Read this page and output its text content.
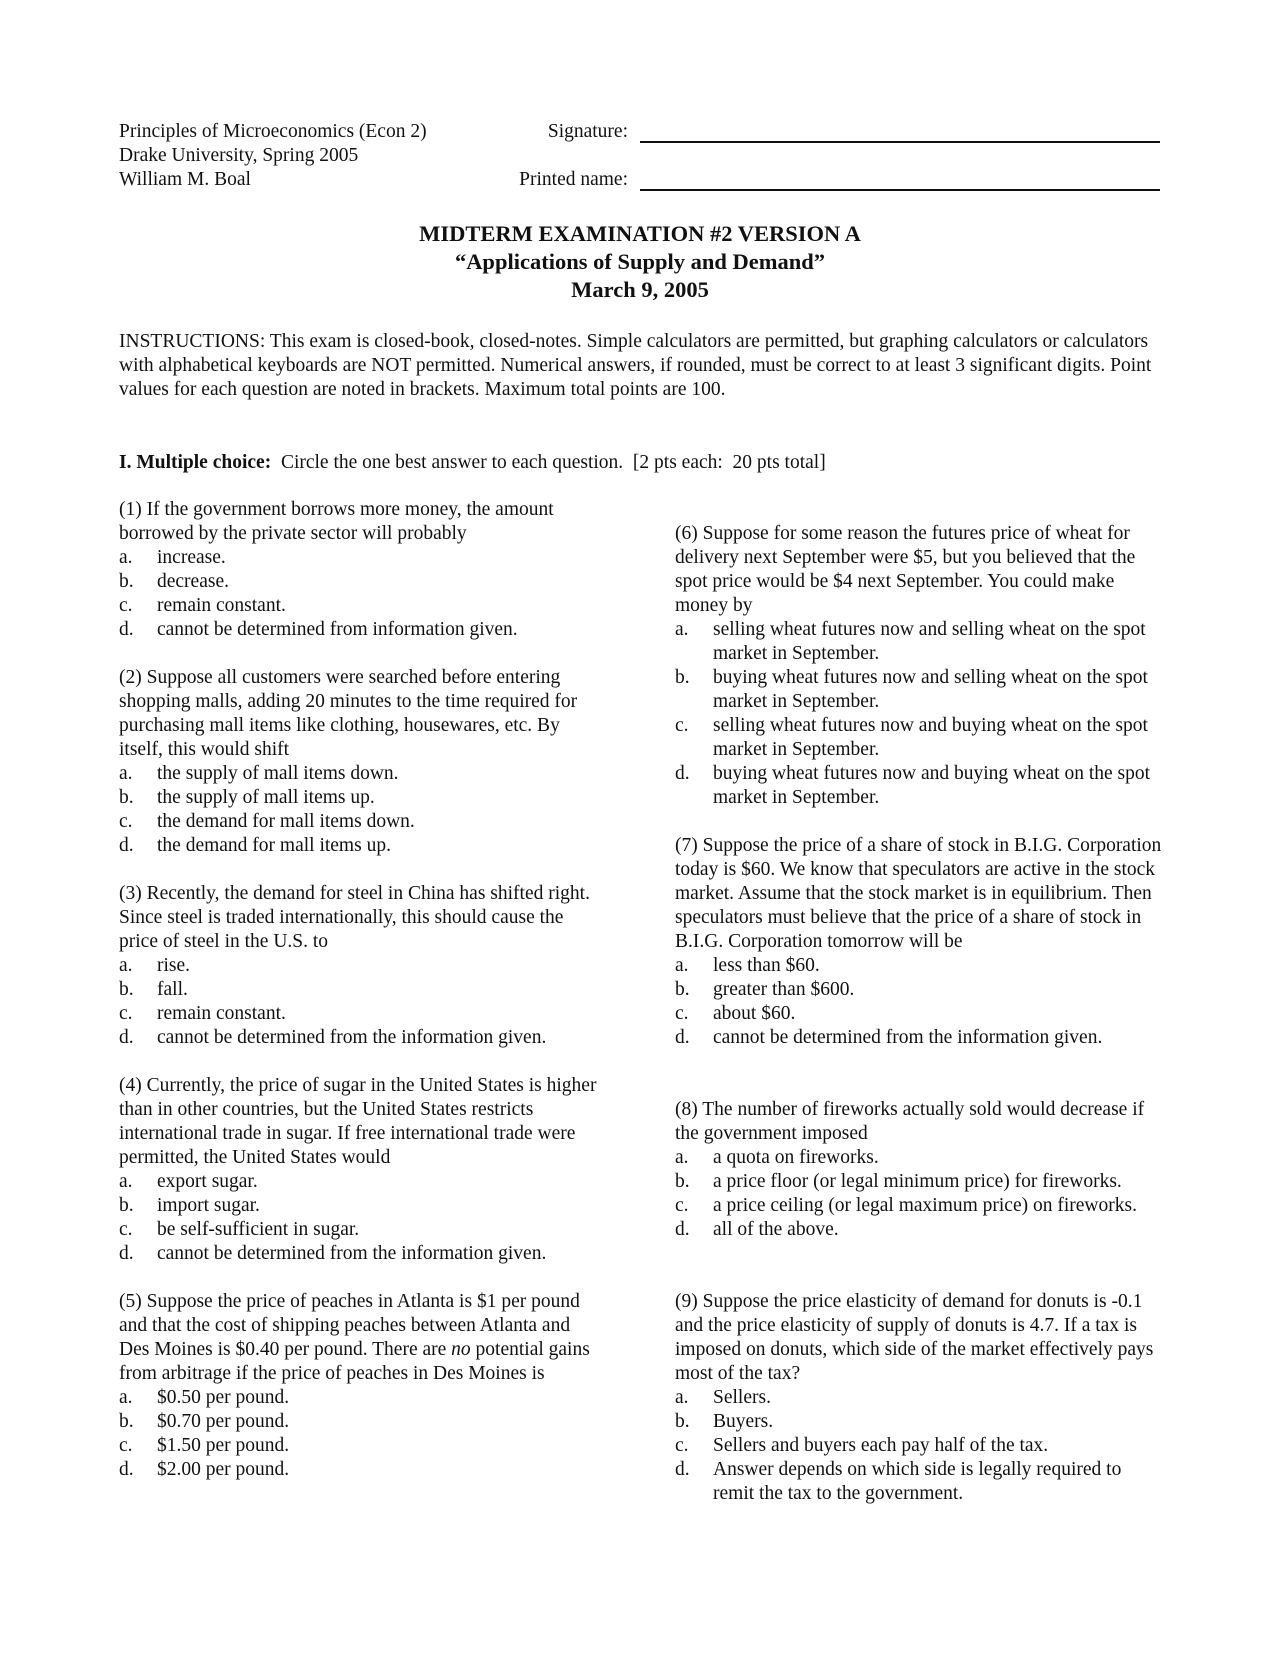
Principles of Microeconomics (Econ 2)
Drake University, Spring 2005
William M. Boal
Signature:
Printed name:
MIDTERM EXAMINATION #2 VERSION A
“Applications of Supply and Demand”
March 9, 2005
INSTRUCTIONS: This exam is closed-book, closed-notes. Simple calculators are permitted, but graphing calculators or calculators with alphabetical keyboards are NOT permitted. Numerical answers, if rounded, must be correct to at least 3 significant digits. Point values for each question are noted in brackets. Maximum total points are 100.
I. Multiple choice:  Circle the one best answer to each question.  [2 pts each:  20 pts total]
(1) If the government borrows more money, the amount borrowed by the private sector will probably
a.	increase.
b.	decrease.
c.	remain constant.
d.	cannot be determined from information given.
(2) Suppose all customers were searched before entering shopping malls, adding 20 minutes to the time required for purchasing mall items like clothing, housewares, etc. By itself, this would shift
a.	the supply of mall items down.
b.	the supply of mall items up.
c.	the demand for mall items down.
d.	the demand for mall items up.
(3) Recently, the demand for steel in China has shifted right. Since steel is traded internationally, this should cause the price of steel in the U.S. to
a.	rise.
b.	fall.
c.	remain constant.
d.	cannot be determined from the information given.
(4) Currently, the price of sugar in the United States is higher than in other countries, but the United States restricts international trade in sugar. If free international trade were permitted, the United States would
a.	export sugar.
b.	import sugar.
c.	be self-sufficient in sugar.
d.	cannot be determined from the information given.
(5) Suppose the price of peaches in Atlanta is $1 per pound and that the cost of shipping peaches between Atlanta and Des Moines is $0.40 per pound. There are no potential gains from arbitrage if the price of peaches in Des Moines is
a.	$0.50 per pound.
b.	$0.70 per pound.
c.	$1.50 per pound.
d.	$2.00 per pound.
(6) Suppose for some reason the futures price of wheat for delivery next September were $5, but you believed that the spot price would be $4 next September. You could make money by
a.	selling wheat futures now and selling wheat on the spot market in September.
b.	buying wheat futures now and selling wheat on the spot market in September.
c.	selling wheat futures now and buying wheat on the spot market in September.
d.	buying wheat futures now and buying wheat on the spot market in September.
(7) Suppose the price of a share of stock in B.I.G. Corporation today is $60. We know that speculators are active in the stock market. Assume that the stock market is in equilibrium. Then speculators must believe that the price of a share of stock in B.I.G. Corporation tomorrow will be
a.	less than $60.
b.	greater than $600.
c.	about $60.
d.	cannot be determined from the information given.
(8) The number of fireworks actually sold would decrease if the government imposed
a.	a quota on fireworks.
b.	a price floor (or legal minimum price) for fireworks.
c.	a price ceiling (or legal maximum price) on fireworks.
d.	all of the above.
(9) Suppose the price elasticity of demand for donuts is -0.1 and the price elasticity of supply of donuts is 4.7. If a tax is imposed on donuts, which side of the market effectively pays most of the tax?
a.	Sellers.
b.	Buyers.
c.	Sellers and buyers each pay half of the tax.
d.	Answer depends on which side is legally required to remit the tax to the government.
